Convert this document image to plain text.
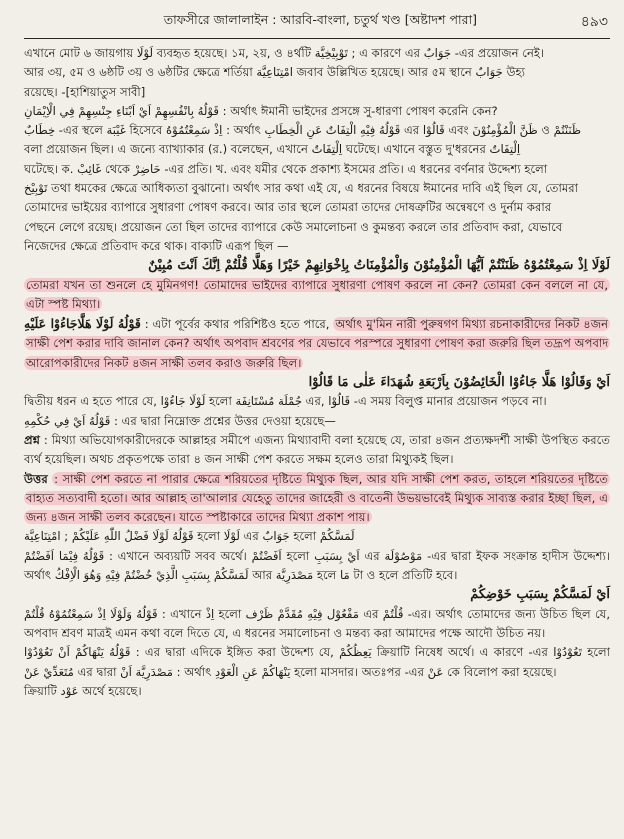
তাফসীরে জালালাইন : আরবি-বাংলা, চতুর্থ খণ্ড [অষ্টাদশ পারা]	৪৯৩

এখানে মোট ৬ জায়গায় لَوْلَا ব্যবহৃত হয়েছে। ১ম, ২য়, ও ৪র্থটি تَوْبِيْخِيَّة ; এ কারণে এর جَوَابٌ -এর প্রয়োজন নেই।

আর ৩য়, ৫ম ও ৬ষ্ঠটি ৩য় ও ৬ষ্ঠটির ক্ষেত্রে শর্তিয়া امْتِنَاعِيَّة জবাব উল্লিখিত হয়েছে। আর ৫ম স্থানে جَوَابٌ উহ্য

রয়েছে। -[হাশিয়াতুস সাবী]

قَوْلُهُ بِانْفُسِهِمْ اَيْ اَبْنَاءِ جِنْسِهِمْ فِي الْاِيْمَانِ : অর্থাৎ ঈমানী ভাইদের প্রসঙ্গে সু-ধারণা পোষণ করেনি কেন?

خِطَابٌ -এর স্থলে غَيْبَة হিসেবে اِذْ سَمِعْتُمُوْهُ : অর্থাৎ قَوْلُهُ فِيْهِ الْتِفَاتٌ عَنِ الْخِطَابِ এর قَالُوْا এবং ظَنَّ الْمُؤْمِنُوْنَ ও ظَنَنْتُمْ

বলা প্রয়োজন ছিল। এ জন্যে ব্যাখ্যাকার (র.) বলেছেন, এখানে اِلْتِفَاتٌ ঘটেছে। এখানে বস্তুত দু'ধরনের اِلْتِفَاتٌ

ঘটেছে। ক. غَائِبْ থেকে حَاضِرْ -এর প্রতি। খ. এবং যমীর থেকে প্রকাশ্য ইসমের প্রতি। এ ধরনের বর্ণনার উদ্দেশ্য হলো

تَوْبِيْخ তথা ধমকের ক্ষেত্রে আধিক্যতা বুঝানো। অর্থাৎ সার কথা এই যে, এ ধরনের বিষয়ে ঈমানের দাবি এই ছিল যে, তোমরা

তোমাদের ভাইয়ের ব্যাপারে সুধারণা পোষণ করবে। আর তার স্থলে তোমরা তাদের দোষত্রুটির অন্বেষণে ও দুর্নাম করার

পেছনে লেগে রয়েছ। প্রয়োজন তো ছিল তাদের ব্যাপারে কেউ সমালোচনা ও কুমন্তব্য করলে তার প্রতিবাদ করা, যেভাবে

নিজেদের ক্ষেত্রে প্রতিবাদ করে থাক। বাক্যটি এরূপ ছিল —

لَوْلَا اِذْ سَمِعْتُمُوْهُ ظَنَنْتُمْ اَيُّهَا الْمُؤْمِنُوْنَ وَالْمُؤْمِنَاتُ بِاِخْوَانِهِمْ خَيْرًا وَهَلَّا قُلْتُمْ اِنَّكَ اَنْتَ مُبِيْنٌ

তোমরা যখন তা শুনলে হে মুমিনগণ! তোমাদের ভাইদের ব্যাপারে সুধারণা পোষণ করলে না কেন? তোমরা কেন বললে না যে, এটা স্পষ্ট মিথ্যা।

قَوْلُهُ لَوْلَا هَلَّاجَاءُوْا عَلَيْهِ : এটা পূর্বের কথার পরিশিষ্টও হতে পারে, অর্থাৎ মু'মিন নারী পুরুষগণ মিথ্যা রচনাকারীদের নিকট ৪জন সাক্ষী পেশ করার দাবি জানাল কেন? অর্থাৎ অপবাদ শ্রবণের পর যেভাবে পরস্পরে সুধারণা পোষণ করা জরুরি ছিল তদ্রূপ অপবাদ আরোপকারীদের নিকট ৪জন সাক্ষী তলব করাও জরুরি ছিল।

اَيْ وَقَالُوْا هَلَّا جَاءُوْا الْخَائِضُوْنَ بِاَرْبَعَةِ شُهَدَاءَ عَلٰى مَا قَالُوْا

দ্বিতীয় ধরন এ হতে পারে যে, لَوْلَا جَاءُوْا হলো جُمْلَة مُسْتَانِفَة এর, قَالُوْا -এ সময় বিলুপ্ত মানার প্রয়োজন পড়বে না।

قَوْلُهُ اَيْ فِي حُكْمِهِ : এর দ্বারা নিম্নোক্ত প্রশ্নের উত্তর দেওয়া হয়েছে—

প্রশ্ন : মিথ্যা অভিযোগকারীদেরকে আল্লাহর সমীপে এজন্য মিথ্যাবাদী বলা হয়েছে যে, তারা ৪জন প্রত্যক্ষদর্শী সাক্ষী উপস্থিত করতে ব্যর্থ হয়েছিল। অথচ প্রকৃতপক্ষে তারা ৪ জন সাক্ষী পেশ করতে সক্ষম হলেও তারা মিথ্যুকই ছিল।

উত্তর : সাক্ষী পেশ করতে না পারার ক্ষেত্রে শরিয়তের দৃষ্টিতে মিথ্যুক ছিল, আর যদি সাক্ষী পেশ করত, তাহলে শরিয়তের দৃষ্টিতে বাহ্যত সত্যবাদী হতো। আর আল্লাহ তা'আলার যেহেতু তাদের জাহেরী ও বাতেনী উভয়ভাবেই মিথ্যুক সাব্যস্ত করার ইচ্ছা ছিল, এ জন্য ৪জন সাক্ষী তলব করেছেন। যাতে স্পষ্টাকারে তাদের মিথ্যা প্রকাশ পায়।

قَوْلُهُ لَوْلَا فَضْلُ اللّٰهِ عَلَيْكُمْ ; امْتِنَاعِيَّة হলো لَوْلَا এর جَوَابٌ হলো لَمَسَّكُمْ

قَوْلُهُ فِيْمَا اَفَضْتُمْ : এখানে অব্যয়টি সবব অর্থে। اَفَضْتُمْ হলো اَيْ بِسَبَبِ এর مَوْصُوْلَة -এর দ্বারা ইফক সংক্রান্ত হাদীস উদ্দেশ্য। অর্থাৎ لَمَسَّكُمْ بِسَبَبِ الَّذِيْ خُضْتُمْ فِيْهِ وَهُوَ الْاِفْكُ আর مَصْدَرِيَّة হলে مَا টা ও হলে প্রতিটি হবে।

اَيْ لَمَسَّكُمْ بِسَبَبِ خَوْضِكُمْ

قَوْلُهُ وَلَوْلَا اِذْ سَمِعْتُمُوْهُ قُلْتُمْ : এখানে اِذْ হলো مَفْعُوْل فِيْهِ مُقَدَّمْ ظَرْف এর قُلْتُمْ -এর। অর্থাৎ তোমাদের জন্য উচিত ছিল যে, অপবাদ শ্রবণ মাত্রই এমন কথা বলে দিতে যে, এ ধরনের সমালোচনা ও মন্তব্য করা আমাদের পক্ষে আদৌ উচিত নয়।

قَوْلُهُ يَنْهَاكُمْ اَنْ تَعُوْدُوْا : এর দ্বারা এদিকে ইঙ্গিত করা উদ্দেশ্য যে, يَعِظُكُمْ ক্রিয়াটি নিষেধ অর্থে। এ কারণে -এর تَعُوْدُوْا হলো مُتَعَدِّيْ عَنْ এর দ্বারা مَصْدَرِيَّة اَنْ : অর্থাৎ يَنْهَاكُمْ عَنِ الْعَوْدِ হলো মাসদার। অতঃপর -এর عَنْ কে বিলোপ করা হয়েছে।

ক্রিয়াটি عَوْد অর্থে হয়েছে।
